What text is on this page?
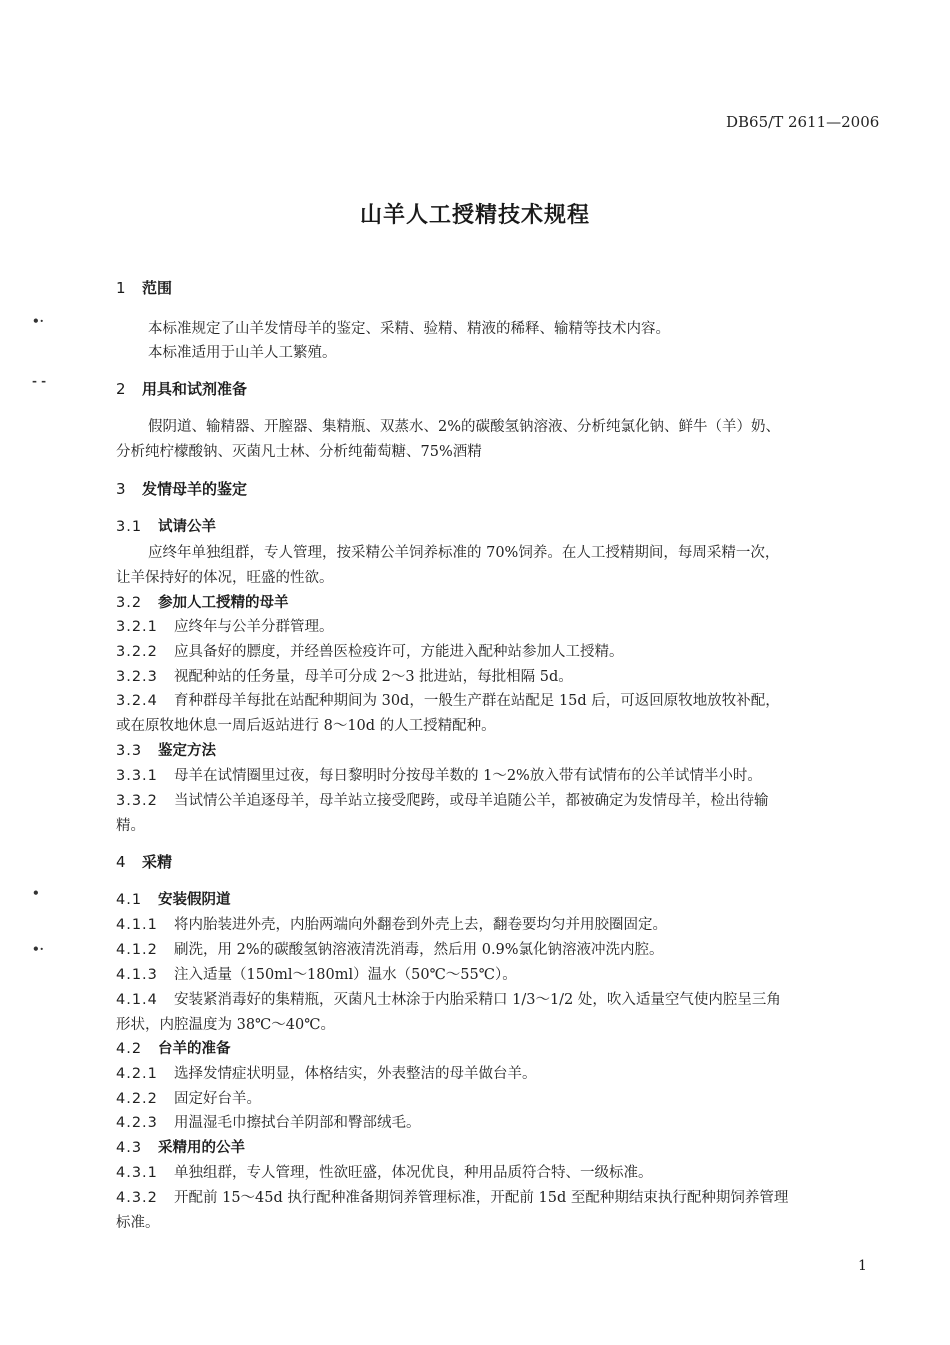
DB65/T 2611—2006
山羊人工授精技术规程
•·
- -
•
•·
1 范围
本标准规定了山羊发情母羊的鉴定、采精、验精、精液的稀释、输精等技术内容。
本标准适用于山羊人工繁殖。
2 用具和试剂准备
假阴道、输精器、开膣器、集精瓶、双蒸水、2%的碳酸氢钠溶液、分析纯氯化钠、鲜牛（羊）奶、
分析纯柠檬酸钠、灭菌凡士林、分析纯葡萄糖、75%酒精
3 发情母羊的鉴定
3.1 试请公羊
应终年单独组群，专人管理，按采精公羊饲养标准的 70%饲养。在人工授精期间，每周采精一次，
让羊保持好的体况，旺盛的性欲。
3.2 参加人工授精的母羊
3.2.1 应终年与公羊分群管理。
3.2.2 应具备好的膘度，并经兽医检疫许可，方能进入配种站参加人工授精。
3.2.3 视配种站的任务量，母羊可分成 2～3 批进站，每批相隔 5d。
3.2.4 育种群母羊每批在站配种期间为 30d，一般生产群在站配足 15d 后，可返回原牧地放牧补配，
或在原牧地休息一周后返站进行 8～10d 的人工授精配种。
3.3 鉴定方法
3.3.1 母羊在试情圈里过夜，每日黎明时分按母羊数的 1～2%放入带有试情布的公羊试情半小时。
3.3.2 当试情公羊追逐母羊，母羊站立接受爬跨，或母羊追随公羊，都被确定为发情母羊，检出待输
精。
4 采精
4.1 安装假阴道
4.1.1 将内胎装进外壳，内胎两端向外翻卷到外壳上去，翻卷要均匀并用胶圈固定。
4.1.2 刷洗，用 2%的碳酸氢钠溶液清洗消毒，然后用 0.9%氯化钠溶液冲洗内腔。
4.1.3 注入适量（150ml～180ml）温水（50℃～55℃）。
4.1.4 安装紧消毒好的集精瓶，灭菌凡士林涂于内胎采精口 1/3～1/2 处，吹入适量空气使内腔呈三角
形状，内腔温度为 38℃～40℃。
4.2 台羊的准备
4.2.1 选择发情症状明显，体格结实，外表整洁的母羊做台羊。
4.2.2 固定好台羊。
4.2.3 用温湿毛巾擦拭台羊阴部和臀部绒毛。
4.3 采精用的公羊
4.3.1 单独组群，专人管理，性欲旺盛，体况优良，种用品质符合特、一级标准。
4.3.2 开配前 15～45d 执行配种准备期饲养管理标准，开配前 15d 至配种期结束执行配种期饲养管理
标准。
1
